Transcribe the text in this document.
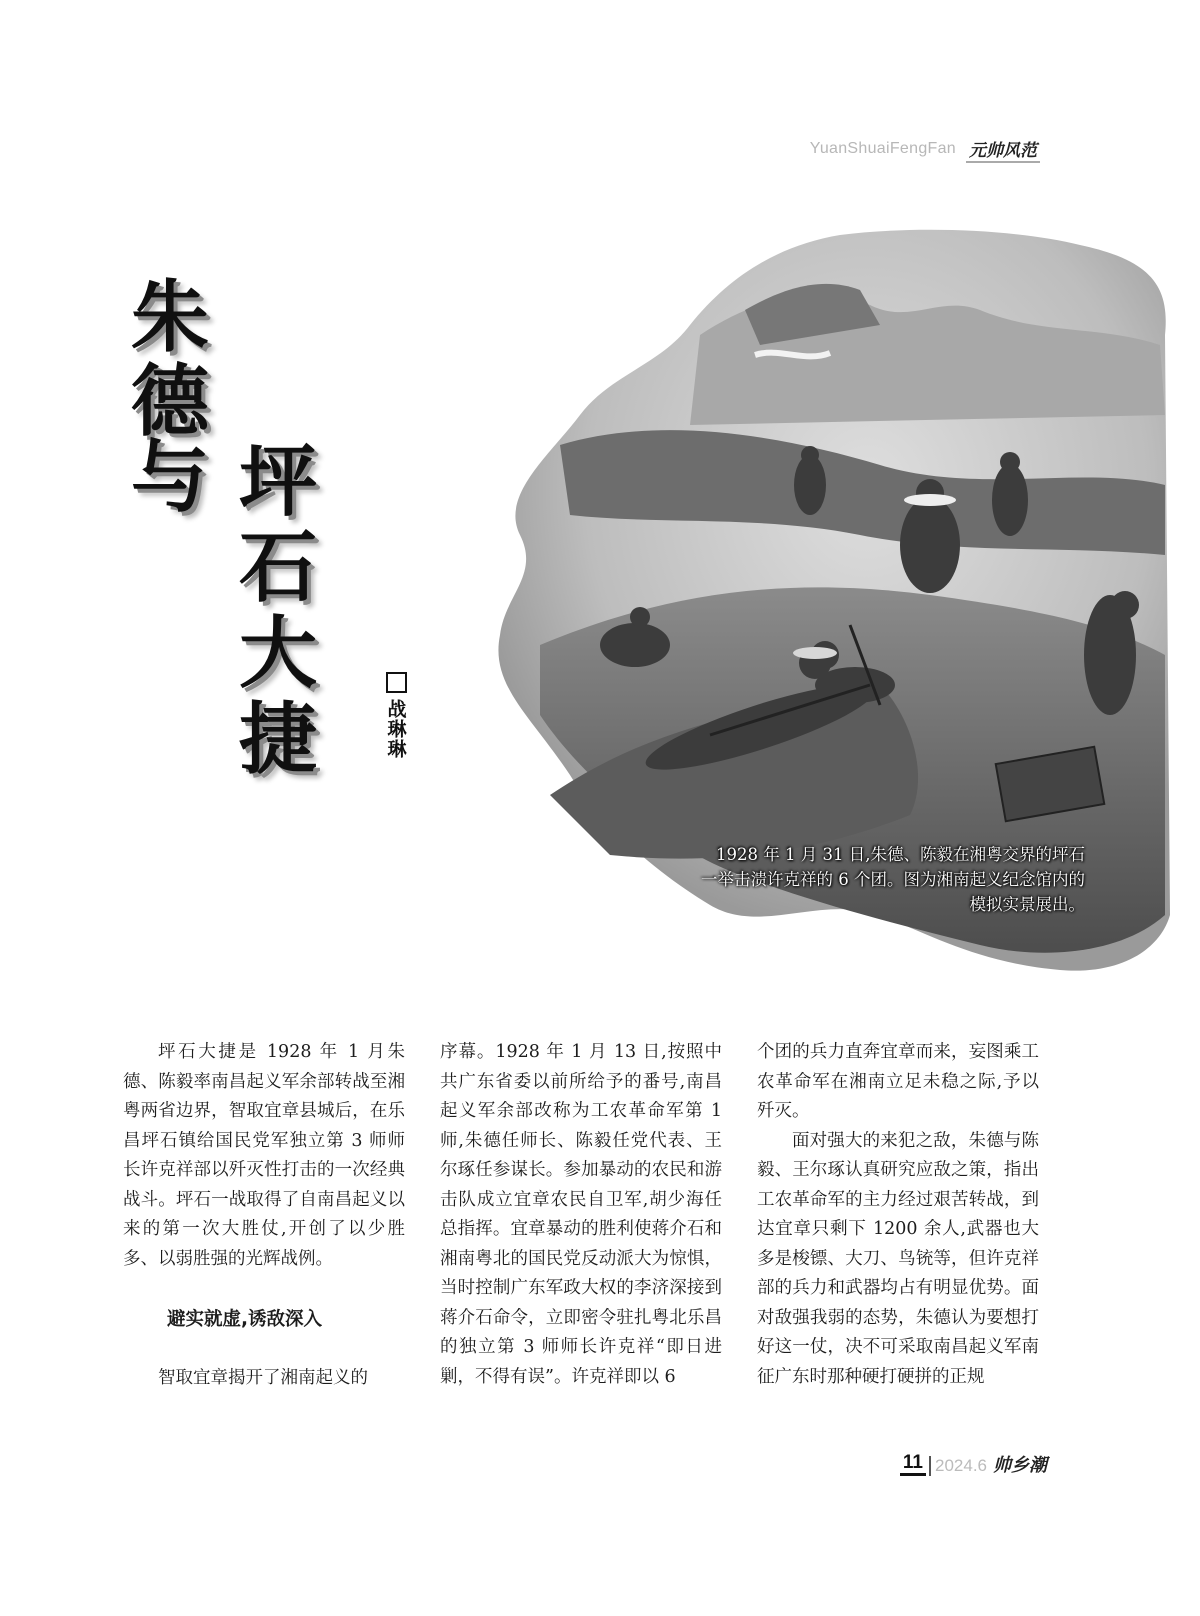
YuanShuaiFengFan 元帅风范
朱
德
与 坪
石
大
捷	战琳琳
1928 年 1 月 31 日,朱德、陈毅在湘粤交界的坪石一举击溃许克祥的 6 个团。图为湘南起义纪念馆内的模拟实景展出。

坪石大捷是 1928 年 1 月朱德、陈毅率南昌起义军余部转战至湘粤两省边界，智取宜章县城后，在乐昌坪石镇给国民党军独立第 3 师师长许克祥部以歼灭性打击的一次经典战斗。坪石一战取得了自南昌起义以来的第一次大胜仗,开创了以少胜多、以弱胜强的光辉战例。

避实就虚,诱敌深入

智取宜章揭开了湘南起义的

序幕。1928 年 1 月 13 日,按照中共广东省委以前所给予的番号,南昌起义军余部改称为工农革命军第 1 师,朱德任师长、陈毅任党代表、王尔琢任参谋长。参加暴动的农民和游击队成立宜章农民自卫军,胡少海任总指挥。宜章暴动的胜利使蒋介石和湘南粤北的国民党反动派大为惊惧，当时控制广东军政大权的李济深接到蒋介石命令，立即密令驻扎粤北乐昌的独立第 3 师师长许克祥“即日进剿，不得有误”。许克祥即以 6

个团的兵力直奔宜章而来，妄图乘工农革命军在湘南立足未稳之际,予以歼灭。

面对强大的来犯之敌，朱德与陈毅、王尔琢认真研究应敌之策，指出工农革命军的主力经过艰苦转战，到达宜章只剩下 1200 余人,武器也大多是梭镖、大刀、鸟铳等，但许克祥部的兵力和武器均占有明显优势。面对敌强我弱的态势，朱德认为要想打好这一仗，决不可采取南昌起义军南征广东时那种硬打硬拼的正规

11 2024.6 帅乡潮
